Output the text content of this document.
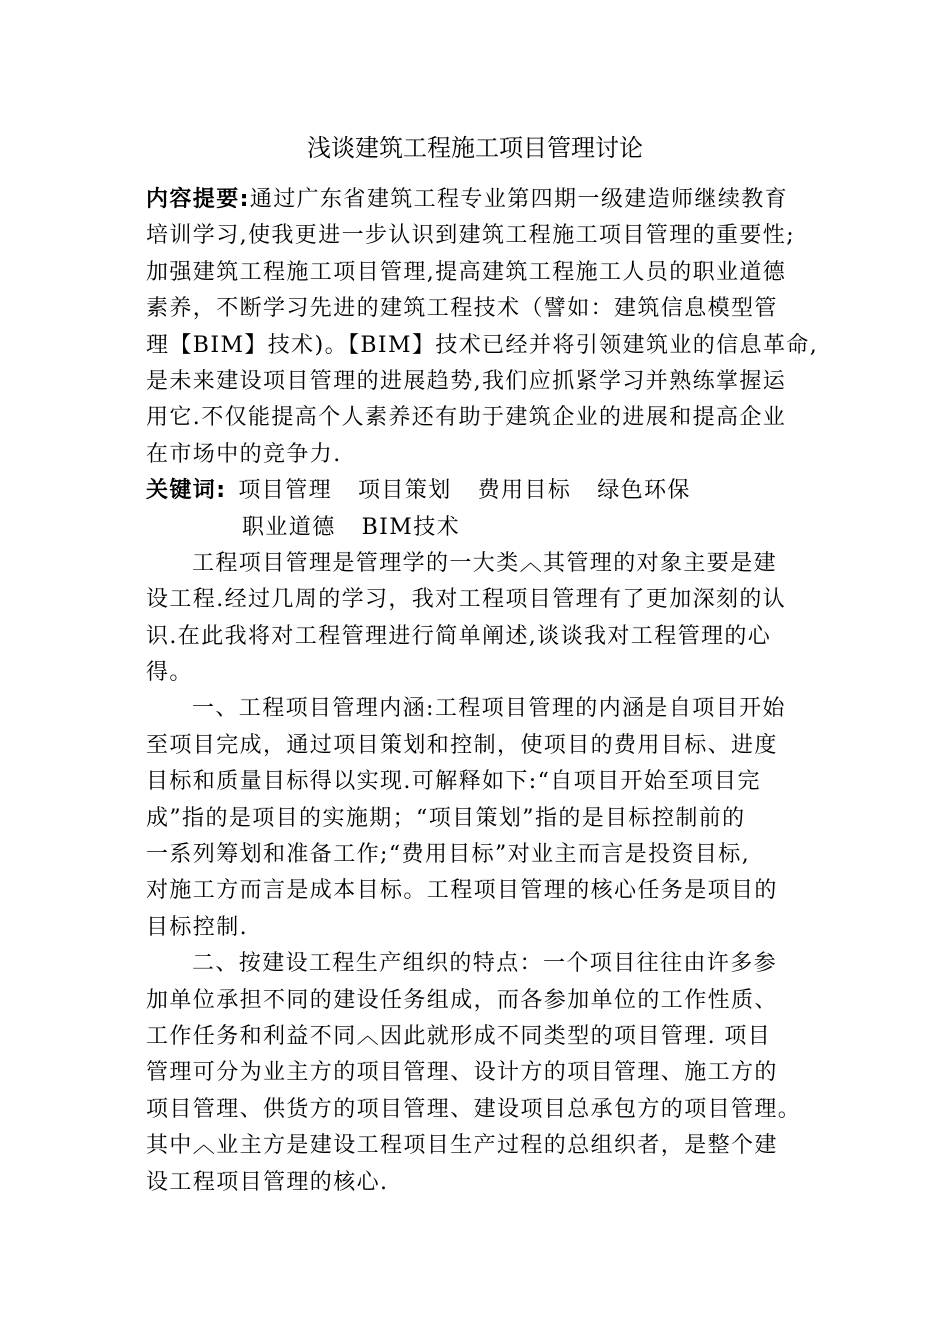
浅谈建筑工程施工项目管理讨论
内容提要:通过广东省建筑工程专业第四期一级建造师继续教育
培训学习,使我更进一步认识到建筑工程施工项目管理的重要性;
加强建筑工程施工项目管理,提高建筑工程施工人员的职业道德
素养，不断学习先进的建筑工程技术（譬如：建筑信息模型管
理【BIM】技术)。【BIM】技术已经并将引领建筑业的信息革命,
是未来建设项目管理的进展趋势,我们应抓紧学习并熟练掌握运
用它.不仅能提高个人素养还有助于建筑企业的进展和提高企业
在市场中的竞争力.
关键词: 项目管理 项目策划 费用目标 绿色环保
职业道德 BIM技术
工程项目管理是管理学的一大类︿其管理的对象主要是建
设工程.经过几周的学习，我对工程项目管理有了更加深刻的认
识.在此我将对工程管理进行简单阐述,谈谈我对工程管理的心
得。
一、工程项目管理内涵:工程项目管理的内涵是自项目开始
至项目完成，通过项目策划和控制，使项目的费用目标、进度
目标和质量目标得以实现.可解释如下:“自项目开始至项目完
成”指的是项目的实施期；“项目策划”指的是目标控制前的
一系列筹划和准备工作;“费用目标”对业主而言是投资目标,
对施工方而言是成本目标。工程项目管理的核心任务是项目的
目标控制.
二、按建设工程生产组织的特点：一个项目往往由许多参
加单位承担不同的建设任务组成，而各参加单位的工作性质、
工作任务和利益不同︿因此就形成不同类型的项目管理. 项目
管理可分为业主方的项目管理、设计方的项目管理、施工方的
项目管理、供货方的项目管理、建设项目总承包方的项目管理。
其中︿业主方是建设工程项目生产过程的总组织者，是整个建
设工程项目管理的核心.
